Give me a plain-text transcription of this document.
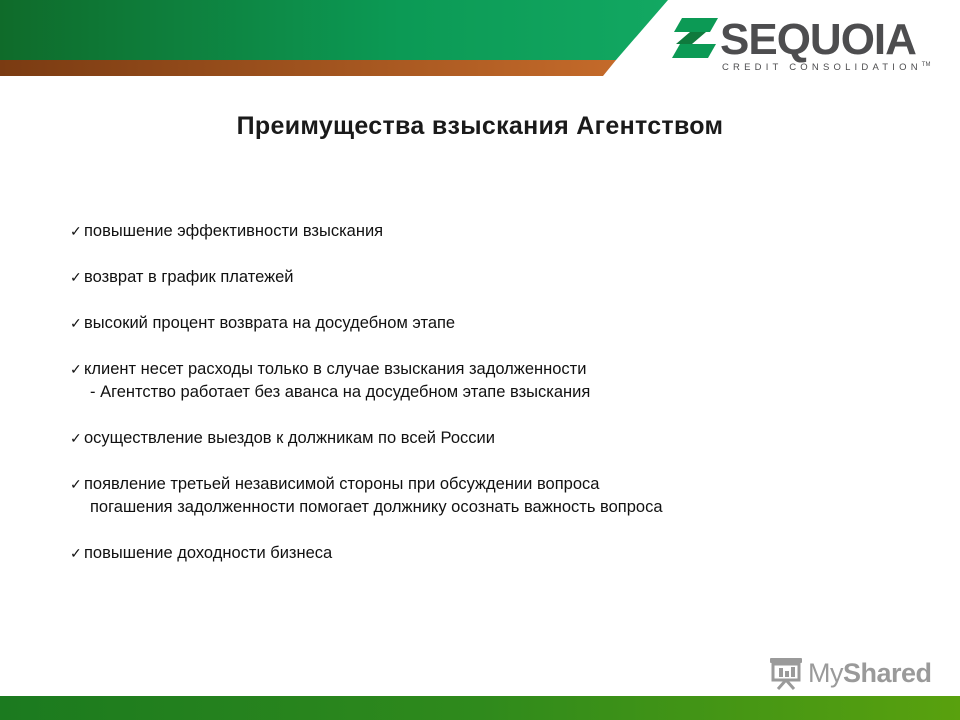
SEQUOIA
CREDIT CONSOLIDATION™
Преимущества взыскания Агентством
✓ повышение эффективности взыскания
✓ возврат в график платежей
✓ высокий процент возврата на досудебном этапе
✓ клиент несет расходы только в случае взыскания задолженности
- Агентство работает без аванса на досудебном этапе взыскания
✓ осуществление выездов к должникам по всей России
✓ появление третьей независимой стороны при обсуждении вопроса
погашения задолженности помогает должнику осознать важность вопроса
✓ повышение доходности бизнеса
MyShared
